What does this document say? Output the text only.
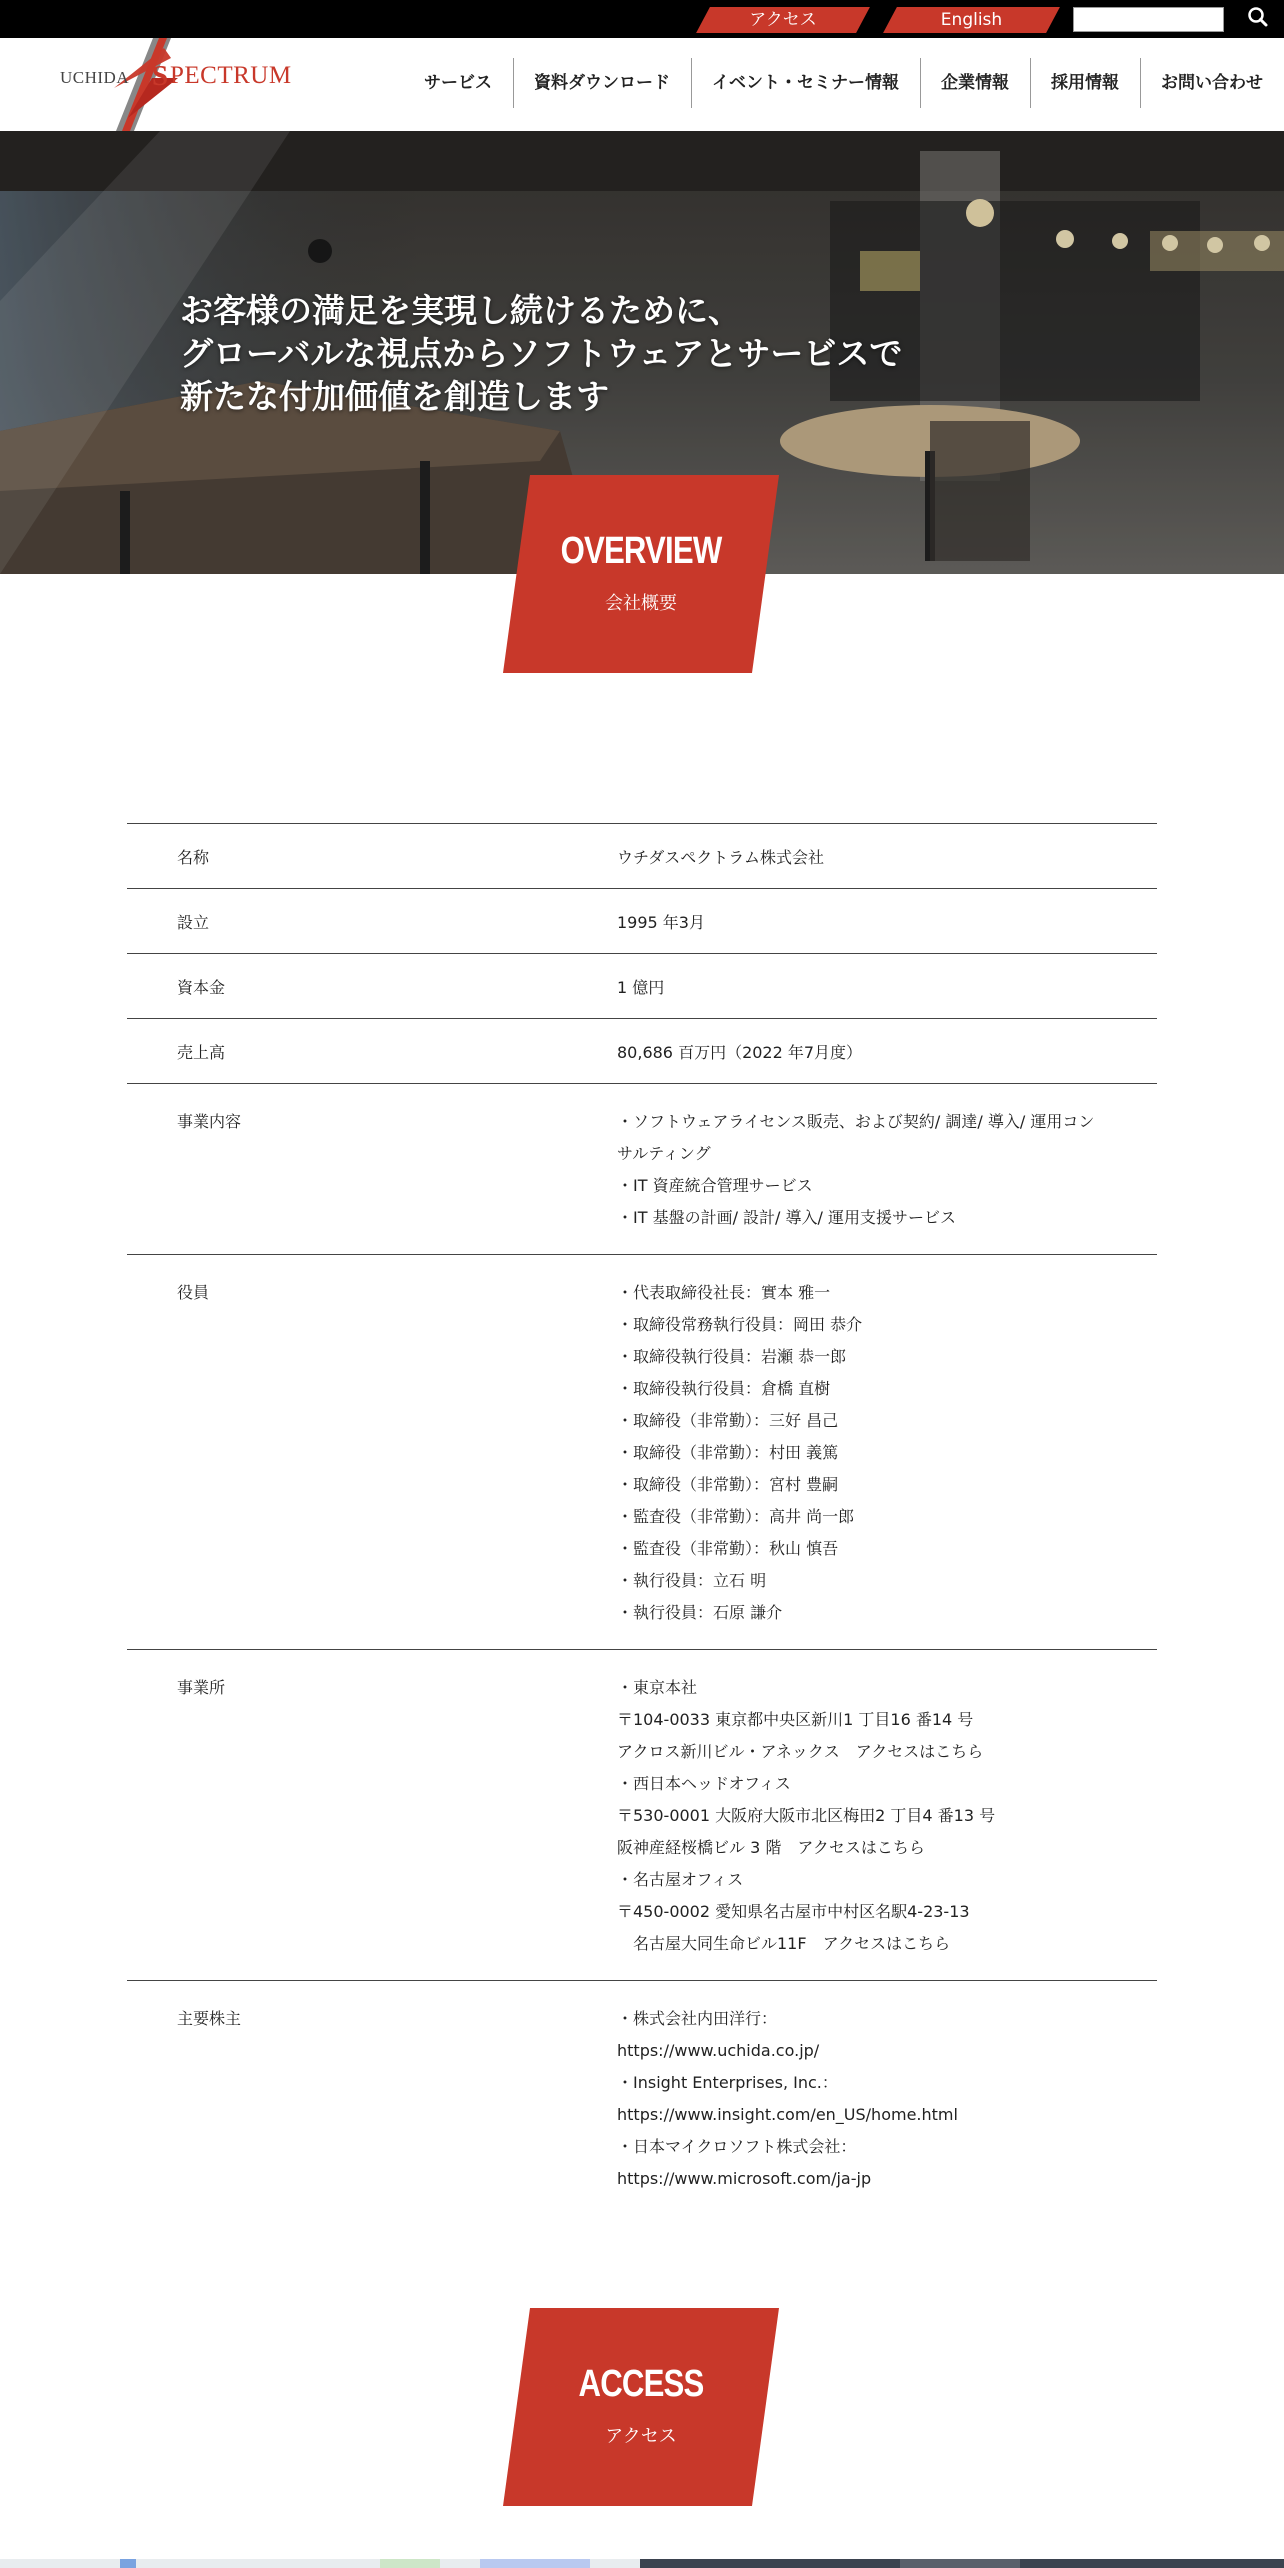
アクセス	English
UCHIDA S PECTRUM	サービス	資料ダウンロード	イベント・セミナー情報	企業情報	採用情報	お問い合わせ
お客様の満足を実現し続けるために、
グローバルな視点からソフトウェアとサービスで
新たな付加価値を創造します
OVERVIEW
会社概要
名称	ウチダスペクトラム株式会社
設立	1995 年3月
資本金	1 億円
売上高	80,686 百万円（2022 年7月度）
事業内容	・ソフトウェアライセンス販売、および契約/ 調達/ 導入/ 運用コン
サルティング
・IT 資産統合管理サービス
・IT 基盤の計画/ 設計/ 導入/ 運用支援サービス
役員	・代表取締役社長：實本 雅一
・取締役常務執行役員：岡田 恭介
・取締役執行役員：岩瀬 恭一郎
・取締役執行役員：倉橋 直樹
・取締役（非常勤）：三好 昌己
・取締役（非常勤）：村田 義篤
・取締役（非常勤）：宮村 豊嗣
・監査役（非常勤）：高井 尚一郎
・監査役（非常勤）：秋山 慎吾
・執行役員：立石 明
・執行役員：石原 謙介
事業所	・東京本社
〒104-0033 東京都中央区新川1 丁目16 番14 号
アクロス新川ビル・アネックス　アクセスはこちら
・西日本ヘッドオフィス
〒530-0001 大阪府大阪市北区梅田2 丁目4 番13 号
阪神産経桜橋ビル 3 階　アクセスはこちら
・名古屋オフィス
〒450-0002 愛知県名古屋市中村区名駅4-23-13
　名古屋大同生命ビル11F　アクセスはこちら
主要株主	・株式会社内田洋行：
https://www.uchida.co.jp/
・Insight Enterprises, Inc.：
https://www.insight.com/en_US/home.html
・日本マイクロソフト株式会社：
https://www.microsoft.com/ja-jp
ACCESS
アクセス
